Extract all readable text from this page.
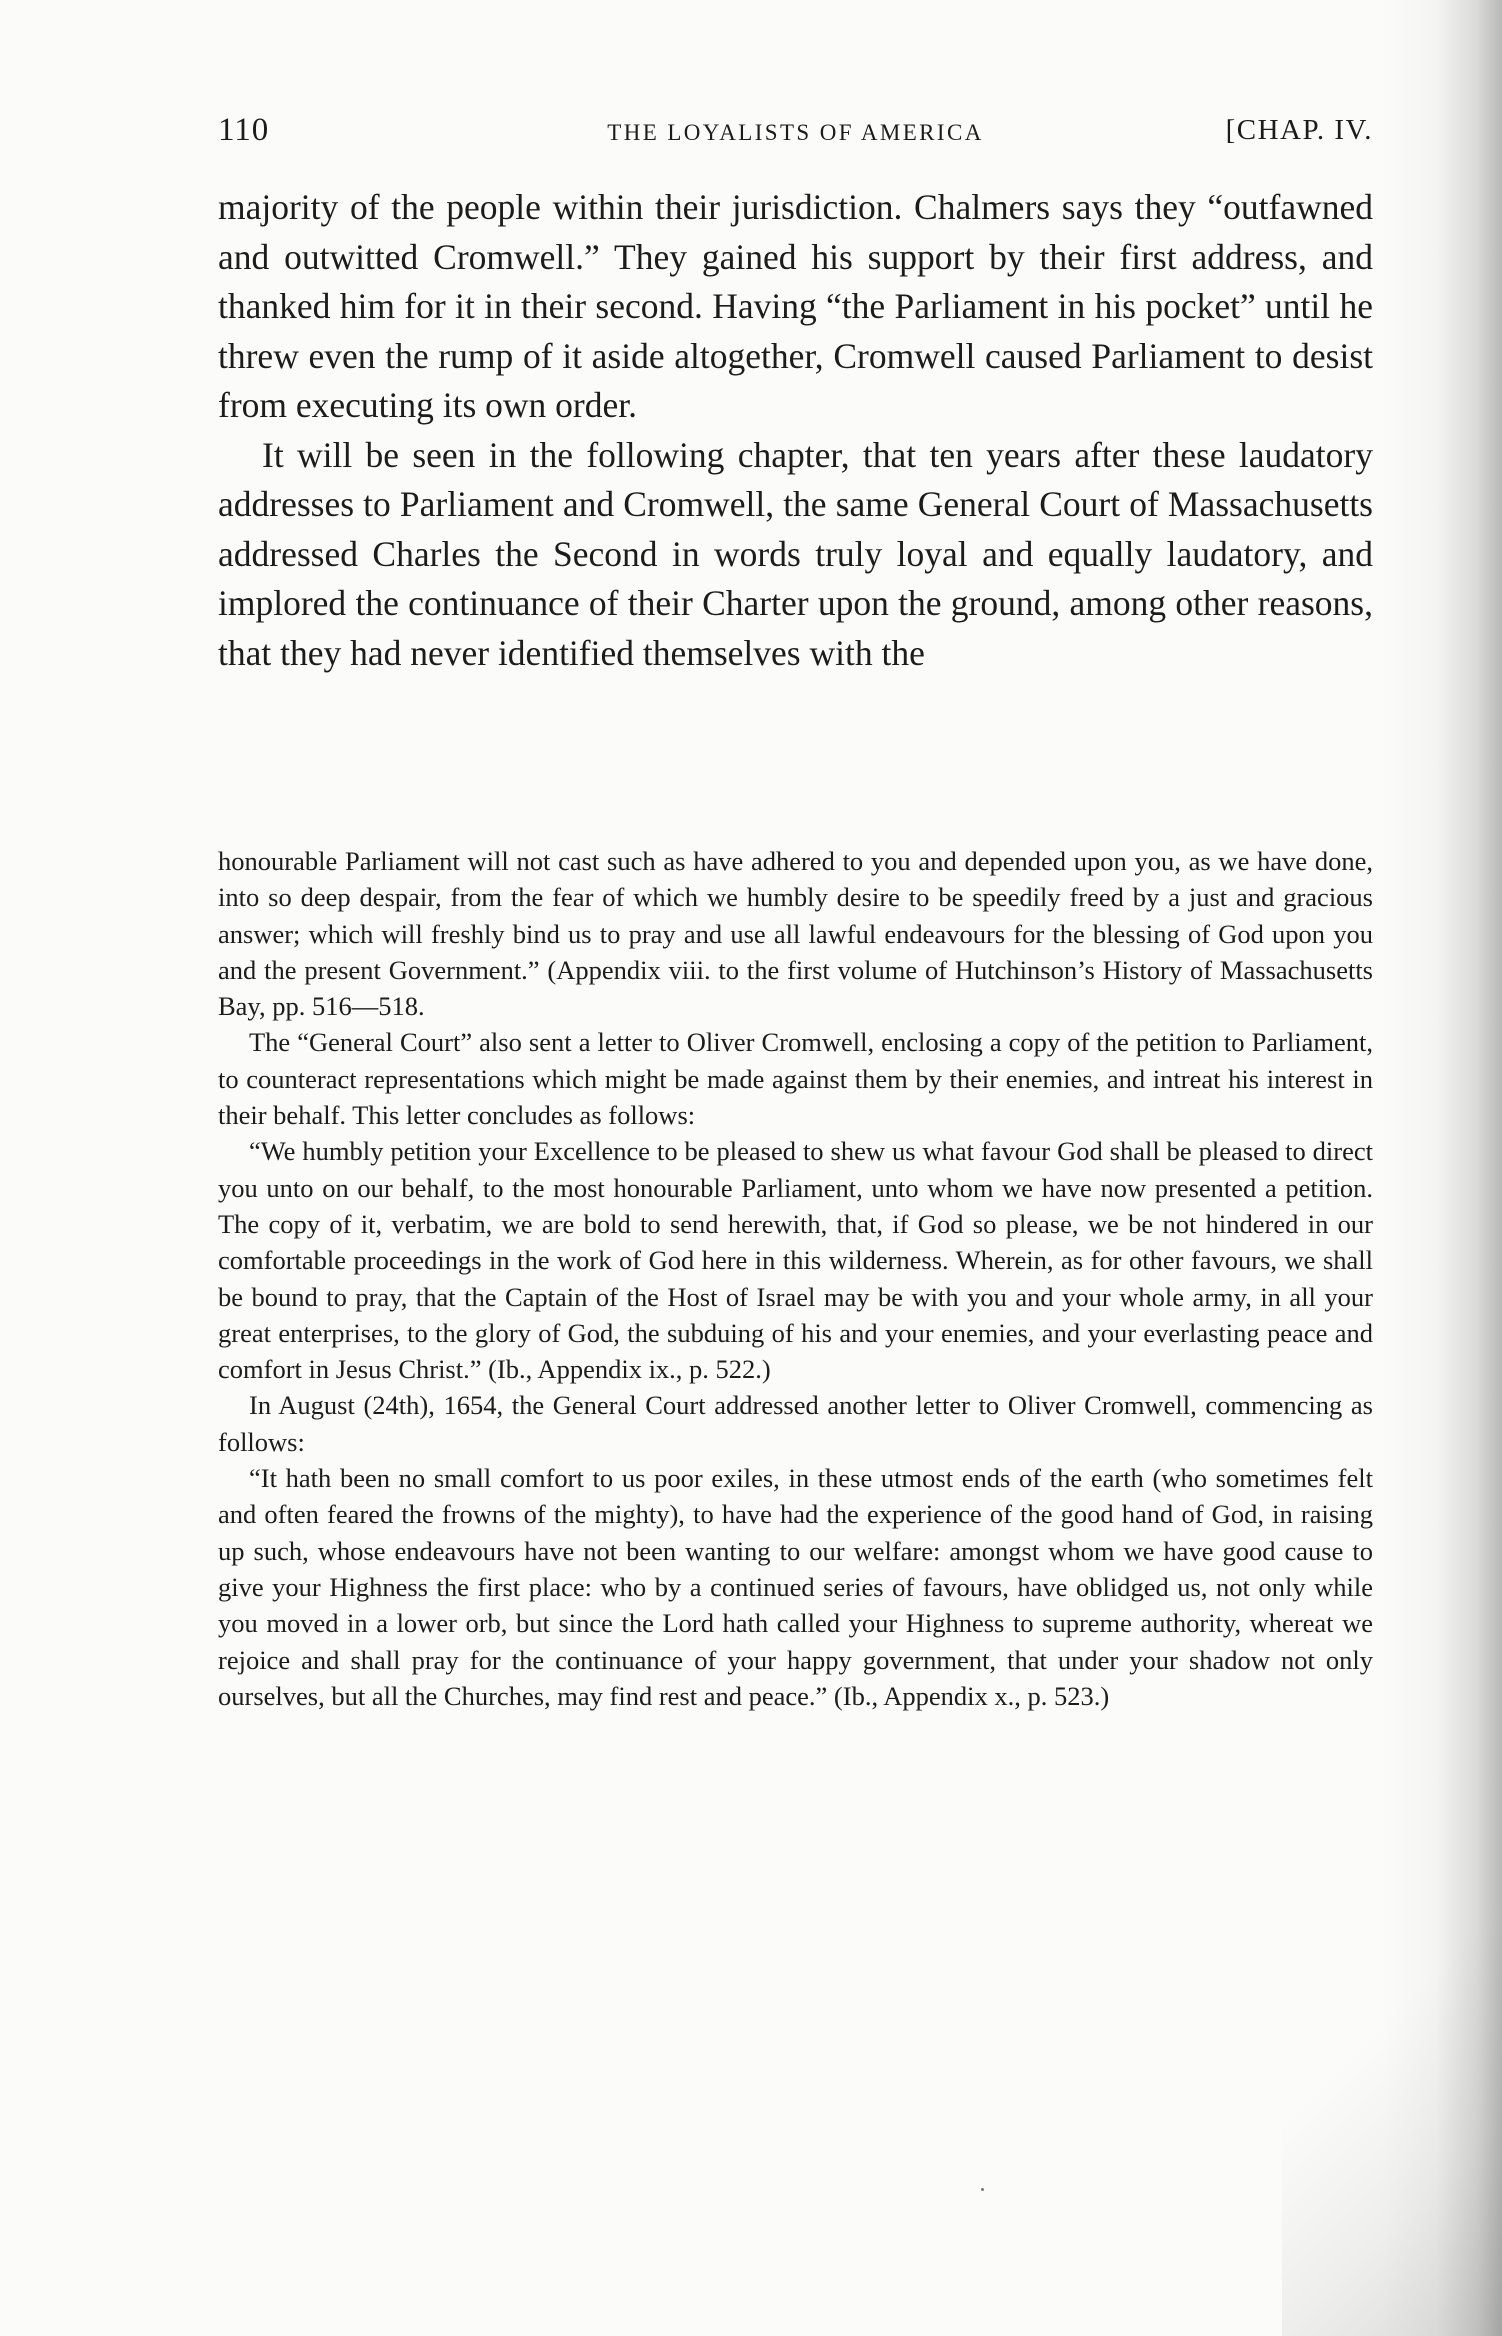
110	THE LOYALISTS OF AMERICA	[CHAP. IV.

majority of the people within their jurisdiction. Chalmers says they “outfawned and outwitted Cromwell.” They gained his support by their first address, and thanked him for it in their second. Having “the Parliament in his pocket” until he threw even the rump of it aside altogether, Cromwell caused Parliament to desist from executing its own order.

It will be seen in the following chapter, that ten years after these laudatory addresses to Parliament and Cromwell, the same General Court of Massachusetts addressed Charles the Second in words truly loyal and equally laudatory, and implored the continuance of their Charter upon the ground, among other reasons, that they had never identified themselves with the

honourable Parliament will not cast such as have adhered to you and depended upon you, as we have done, into so deep despair, from the fear of which we humbly desire to be speedily freed by a just and gracious answer; which will freshly bind us to pray and use all lawful endeavours for the blessing of God upon you and the present Government.” (Appendix viii. to the first volume of Hutchinson’s History of Massachusetts Bay, pp. 516—518.

The “General Court” also sent a letter to Oliver Cromwell, enclosing a copy of the petition to Parliament, to counteract representations which might be made against them by their enemies, and intreat his interest in their behalf. This letter concludes as follows:

“We humbly petition your Excellence to be pleased to shew us what favour God shall be pleased to direct you unto on our behalf, to the most honourable Parliament, unto whom we have now presented a petition. The copy of it, verbatim, we are bold to send herewith, that, if God so please, we be not hindered in our comfortable proceedings in the work of God here in this wilderness. Wherein, as for other favours, we shall be bound to pray, that the Captain of the Host of Israel may be with you and your whole army, in all your great enterprises, to the glory of God, the subduing of his and your enemies, and your everlasting peace and comfort in Jesus Christ.” (Ib., Appendix ix., p. 522.)

In August (24th), 1654, the General Court addressed another letter to Oliver Cromwell, commencing as follows:

“It hath been no small comfort to us poor exiles, in these utmost ends of the earth (who sometimes felt and often feared the frowns of the mighty), to have had the experience of the good hand of God, in raising up such, whose endeavours have not been wanting to our welfare: amongst whom we have good cause to give your Highness the first place: who by a continued series of favours, have oblidged us, not only while you moved in a lower orb, but since the Lord hath called your Highness to supreme authority, whereat we rejoice and shall pray for the continuance of your happy government, that under your shadow not only ourselves, but all the Churches, may find rest and peace.” (Ib., Appendix x., p. 523.)
